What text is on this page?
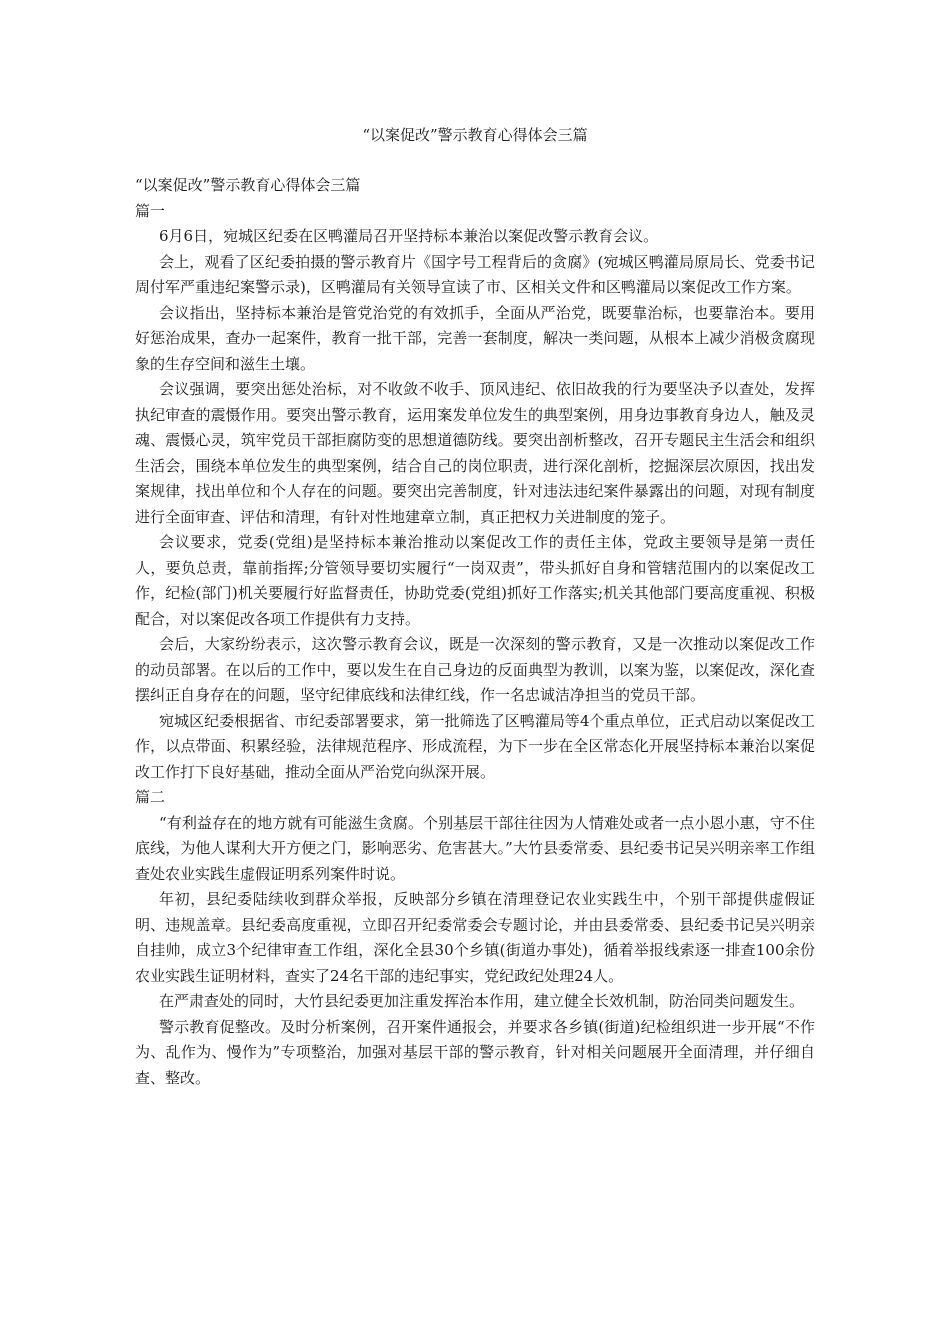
“以案促改”警示教育心得体会三篇

“以案促改”警示教育心得体会三篇

篇一

6月6日，宛城区纪委在区鸭灌局召开坚持标本兼治以案促改警示教育会议。

会上，观看了区纪委拍摄的警示教育片《国字号工程背后的贪腐》(宛城区鸭灌局原局长、党委书记周付军严重违纪案警示录)，区鸭灌局有关领导宣读了市、区相关文件和区鸭灌局以案促改工作方案。

会议指出，坚持标本兼治是管党治党的有效抓手，全面从严治党，既要靠治标，也要靠治本。要用好惩治成果，查办一起案件，教育一批干部，完善一套制度，解决一类问题，从根本上减少消极贪腐现象的生存空间和滋生土壤。

会议强调，要突出惩处治标，对不收敛不收手、顶风违纪、依旧故我的行为要坚决予以查处，发挥执纪审查的震慑作用。要突出警示教育，运用案发单位发生的典型案例，用身边事教育身边人，触及灵魂、震慑心灵，筑牢党员干部拒腐防变的思想道德防线。要突出剖析整改，召开专题民主生活会和组织生活会，围绕本单位发生的典型案例，结合自己的岗位职责，进行深化剖析，挖掘深层次原因，找出发案规律，找出单位和个人存在的问题。要突出完善制度，针对违法违纪案件暴露出的问题，对现有制度进行全面审查、评估和清理，有针对性地建章立制，真正把权力关进制度的笼子。

会议要求，党委(党组)是坚持标本兼治推动以案促改工作的责任主体，党政主要领导是第一责任人，要负总责，靠前指挥;分管领导要切实履行“一岗双责”，带头抓好自身和管辖范围内的以案促改工作，纪检(部门)机关要履行好监督责任，协助党委(党组)抓好工作落实;机关其他部门要高度重视、积极配合，对以案促改各项工作提供有力支持。

会后，大家纷纷表示，这次警示教育会议，既是一次深刻的警示教育，又是一次推动以案促改工作的动员部署。在以后的工作中，要以发生在自己身边的反面典型为教训，以案为鉴，以案促改，深化查摆纠正自身存在的问题，坚守纪律底线和法律红线，作一名忠诚洁净担当的党员干部。

宛城区纪委根据省、市纪委部署要求，第一批筛选了区鸭灌局等4个重点单位，正式启动以案促改工作，以点带面、积累经验，法律规范程序、形成流程，为下一步在全区常态化开展坚持标本兼治以案促改工作打下良好基础，推动全面从严治党向纵深开展。

篇二

“有利益存在的地方就有可能滋生贪腐。个别基层干部往往因为人情难处或者一点小恩小惠，守不住底线，为他人谋利大开方便之门，影响恶劣、危害甚大。”大竹县委常委、县纪委书记吴兴明亲率工作组查处农业实践生虚假证明系列案件时说。

年初，县纪委陆续收到群众举报，反映部分乡镇在清理登记农业实践生中，个别干部提供虚假证明、违规盖章。县纪委高度重视，立即召开纪委常委会专题讨论，并由县委常委、县纪委书记吴兴明亲自挂帅，成立3个纪律审查工作组，深化全县30个乡镇(街道办事处)，循着举报线索逐一排查100余份农业实践生证明材料，查实了24名干部的违纪事实，党纪政纪处理24人。

在严肃查处的同时，大竹县纪委更加注重发挥治本作用，建立健全长效机制，防治同类问题发生。

警示教育促整改。及时分析案例，召开案件通报会，并要求各乡镇(街道)纪检组织进一步开展“不作为、乱作为、慢作为”专项整治，加强对基层干部的警示教育，针对相关问题展开全面清理，并仔细自查、整改。
